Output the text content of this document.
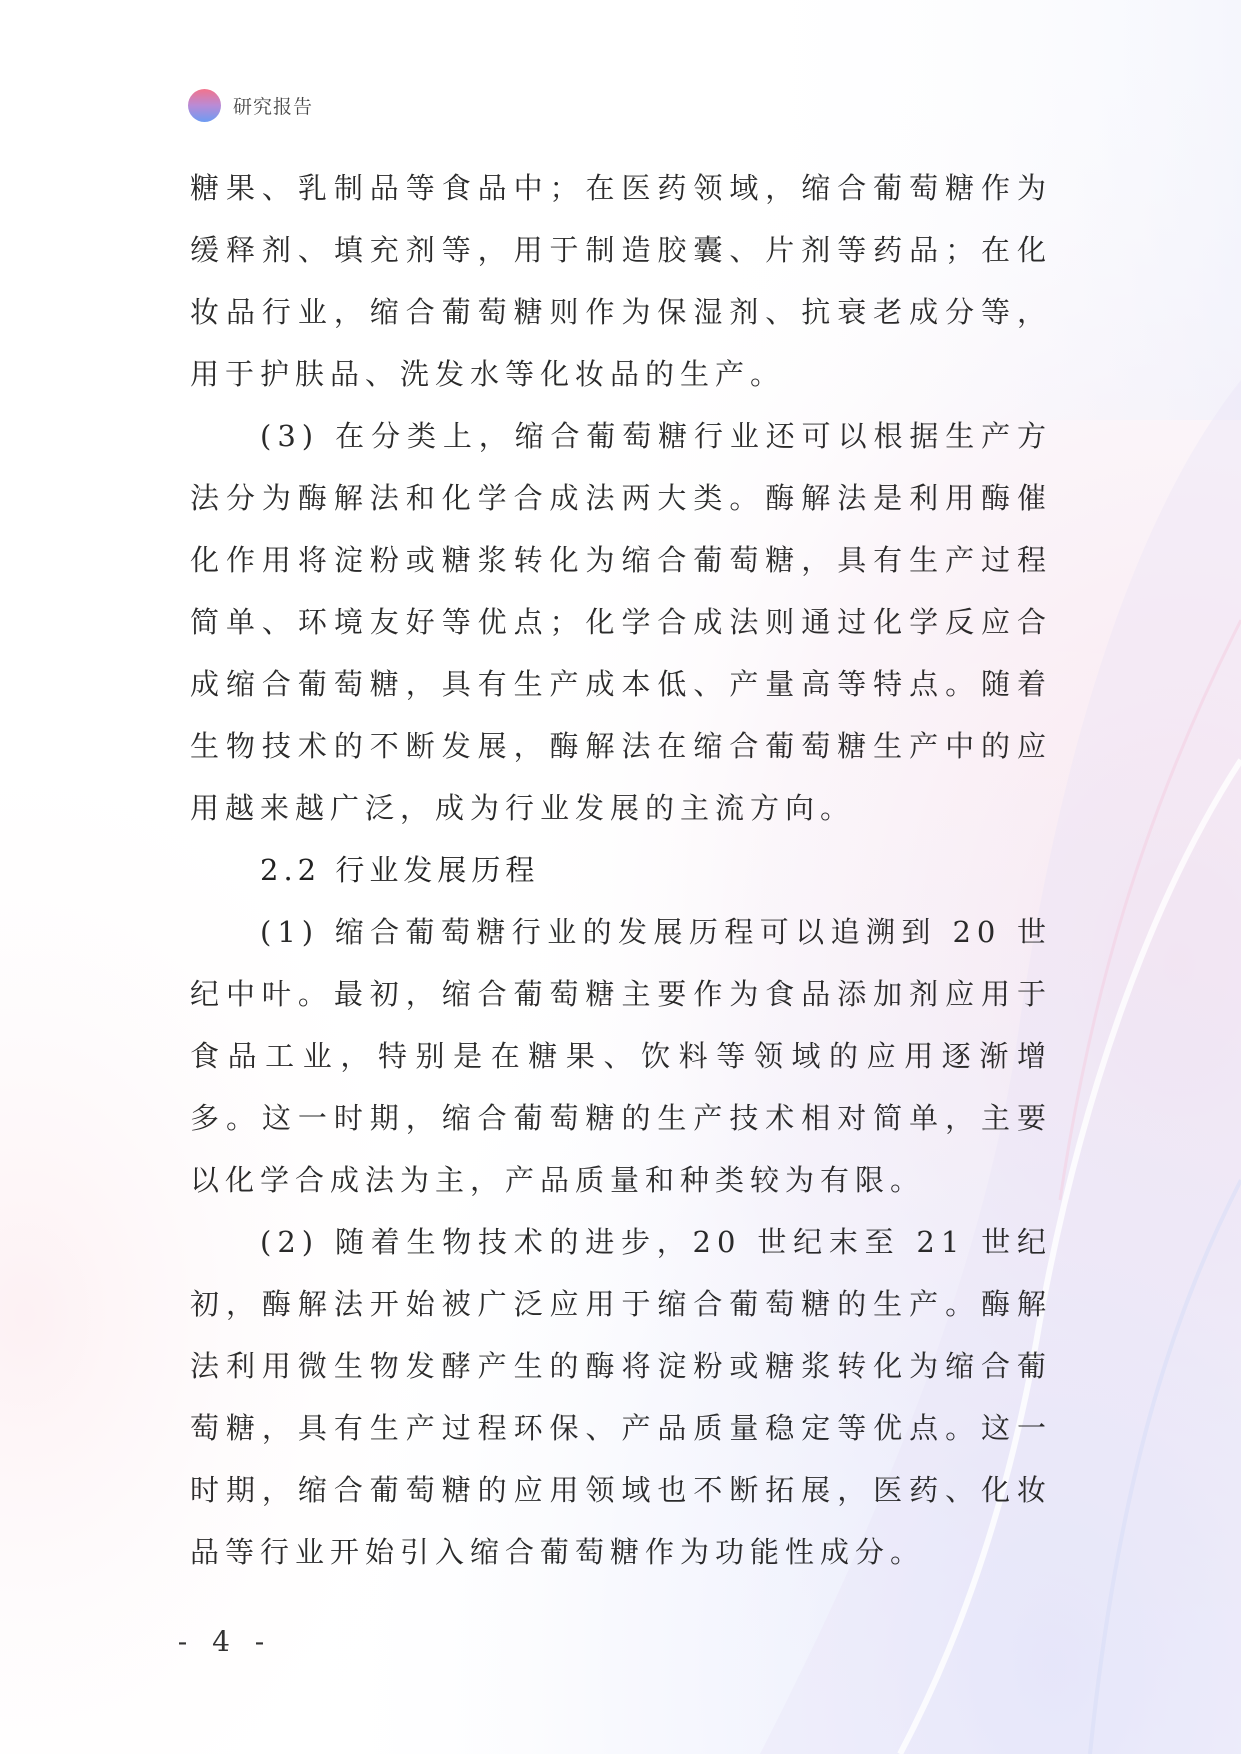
研究报告

糖果、乳制品等食品中；在医药领域，缩合葡萄糖作为缓释剂、填充剂等，用于制造胶囊、片剂等药品；在化妆品行业，缩合葡萄糖则作为保湿剂、抗衰老成分等，用于护肤品、洗发水等化妆品的生产。

(3) 在分类上，缩合葡萄糖行业还可以根据生产方法分为酶解法和化学合成法两大类。酶解法是利用酶催化作用将淀粉或糖浆转化为缩合葡萄糖，具有生产过程简单、环境友好等优点；化学合成法则通过化学反应合成缩合葡萄糖，具有生产成本低、产量高等特点。随着生物技术的不断发展，酶解法在缩合葡萄糖生产中的应用越来越广泛，成为行业发展的主流方向。

2.2 行业发展历程

(1) 缩合葡萄糖行业的发展历程可以追溯到 20 世纪中叶。最初，缩合葡萄糖主要作为食品添加剂应用于食品工业，特别是在糖果、饮料等领域的应用逐渐增多。这一时期，缩合葡萄糖的生产技术相对简单，主要以化学合成法为主，产品质量和种类较为有限。

(2) 随着生物技术的进步，20 世纪末至 21 世纪初，酶解法开始被广泛应用于缩合葡萄糖的生产。酶解法利用微生物发酵产生的酶将淀粉或糖浆转化为缩合葡萄糖，具有生产过程环保、产品质量稳定等优点。这一时期，缩合葡萄糖的应用领域也不断拓展，医药、化妆品等行业开始引入缩合葡萄糖作为功能性成分。

- 4 -
